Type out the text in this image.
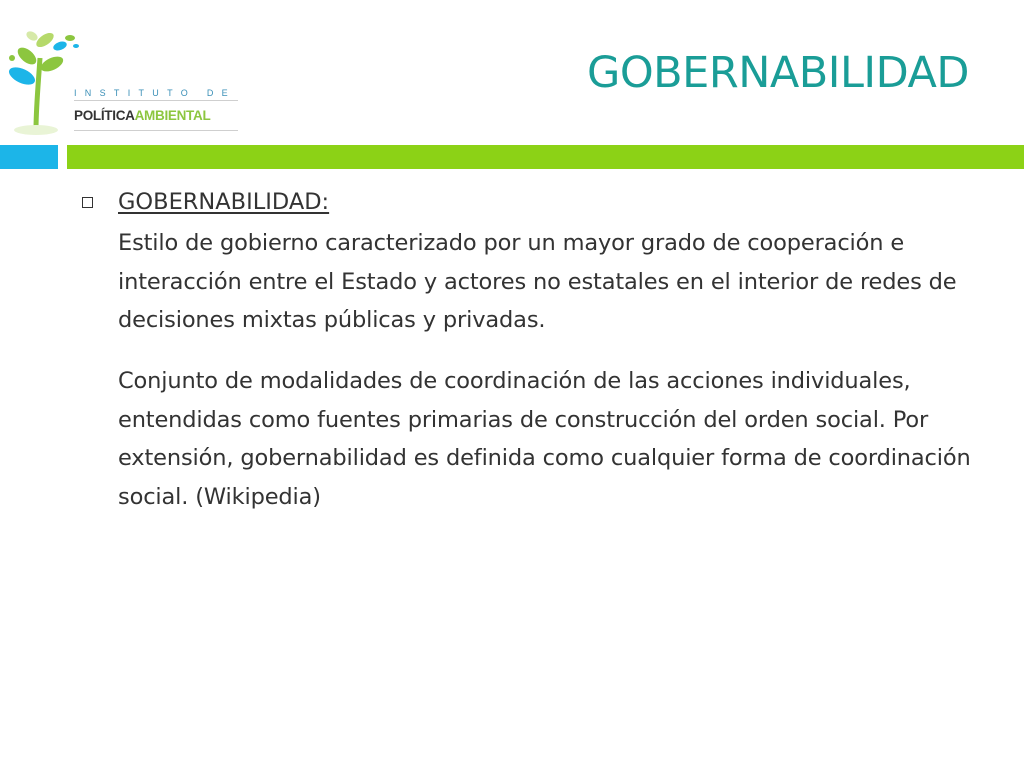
INSTITUTO DE
POLÍTICAAMBIENTAL
GOBERNABILIDAD
GOBERNABILIDAD:

Estilo de gobierno caracterizado por un mayor grado de cooperación e interacción entre el Estado y actores no estatales en el interior de redes de decisiones mixtas públicas y privadas.

Conjunto de modalidades de coordinación de las acciones individuales, entendidas como fuentes primarias de construcción del orden social. Por extensión, gobernabilidad es definida como cualquier forma de coordinación social. (Wikipedia)
